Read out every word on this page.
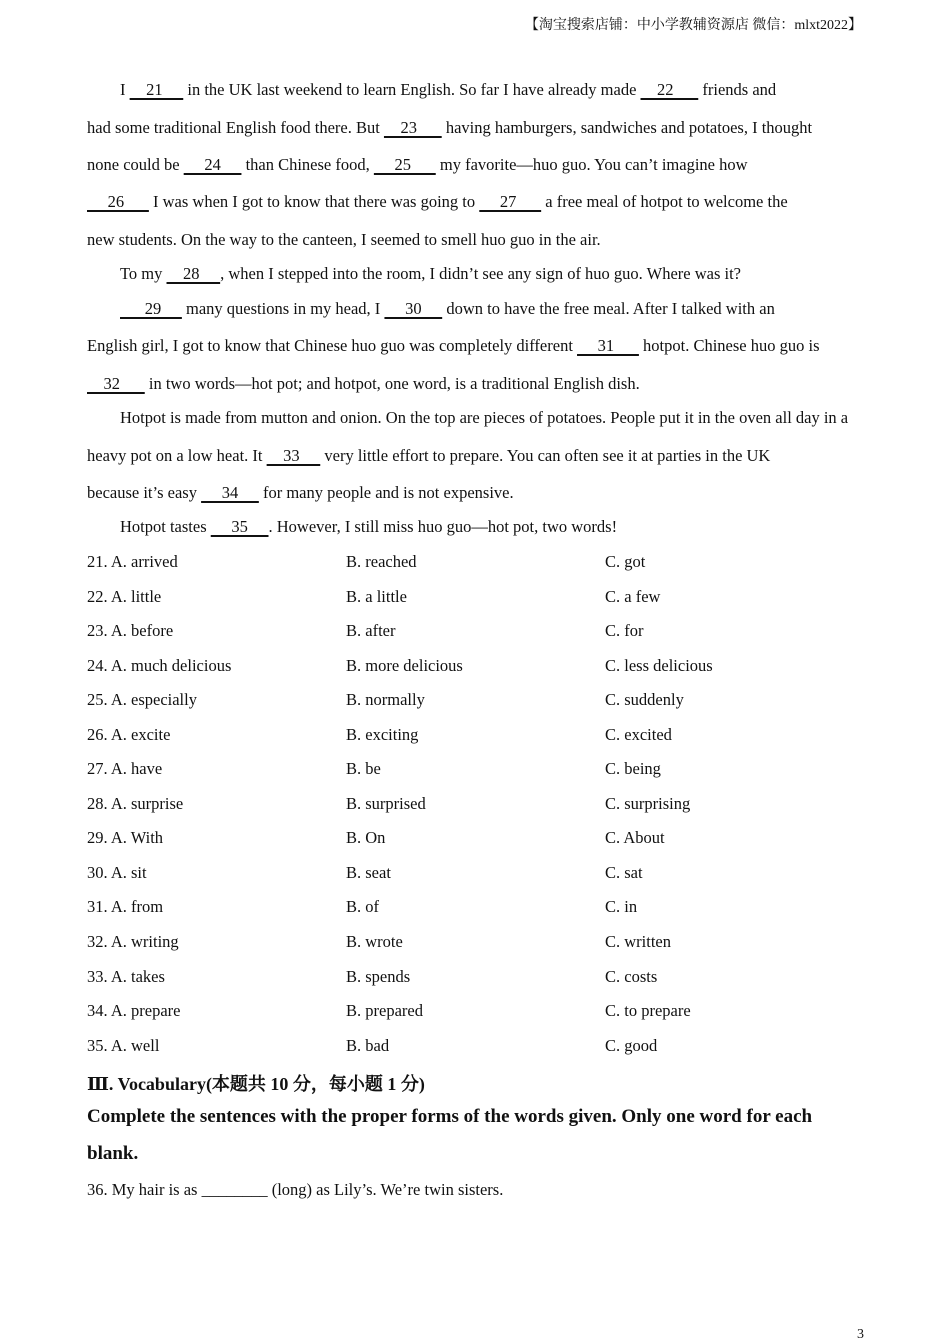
【淘宝搜索店铺：中小学教辅资源店 微信：mlxt2022】
I     21      in the UK last weekend to learn English. So far I have already made     22       friends and
had some traditional English food there. But     23       having hamburgers, sandwiches and potatoes, I thought
none could be      24      than Chinese food,      25       my favorite—huo guo. You can’t imagine how
26       I was when I got to know that there was going to      27       a free meal of hotpot to welcome the
new students. On the way to the canteen, I seemed to smell huo guo in the air.
To my     28     , when I stepped into the room, I didn’t see any sign of huo guo. Where was it?
29      many questions in my head, I      30      down to have the free meal. After I talked with an
English girl, I got to know that Chinese huo guo was completely different      31       hotpot. Chinese huo guo is
32       in two words—hot pot; and hotpot, one word, is a traditional English dish.
Hotpot is made from mutton and onion. On the top are pieces of potatoes. People put it in the oven all day in a
heavy pot on a low heat. It     33      very little effort to prepare. You can often see it at parties in the UK
because it’s easy      34      for many people and is not expensive.
Hotpot tastes      35     . However, I still miss huo guo—hot pot, two words!
21. A. arrived	B. reached	C. got
22. A. little	B. a little	C. a few
23. A. before	B. after	C. for
24. A. much delicious	B. more delicious	C. less delicious
25. A. especially	B. normally	C. suddenly
26. A. excite	B. exciting	C. excited
27. A. have	B. be	C. being
28. A. surprise	B. surprised	C. surprising
29. A. With	B. On	C. About
30. A. sit	B. seat	C. sat
31. A. from	B. of	C. in
32. A. writing	B. wrote	C. written
33. A. takes	B. spends	C. costs
34. A. prepare	B. prepared	C. to prepare
35. A. well	B. bad	C. good
Ⅲ. Vocabulary(本题共 10 分，每小题 1 分)
Complete the sentences with the proper forms of the words given. Only one word for each
blank.
36. My hair is as ________ (long) as Lily’s. We’re twin sisters.
3
